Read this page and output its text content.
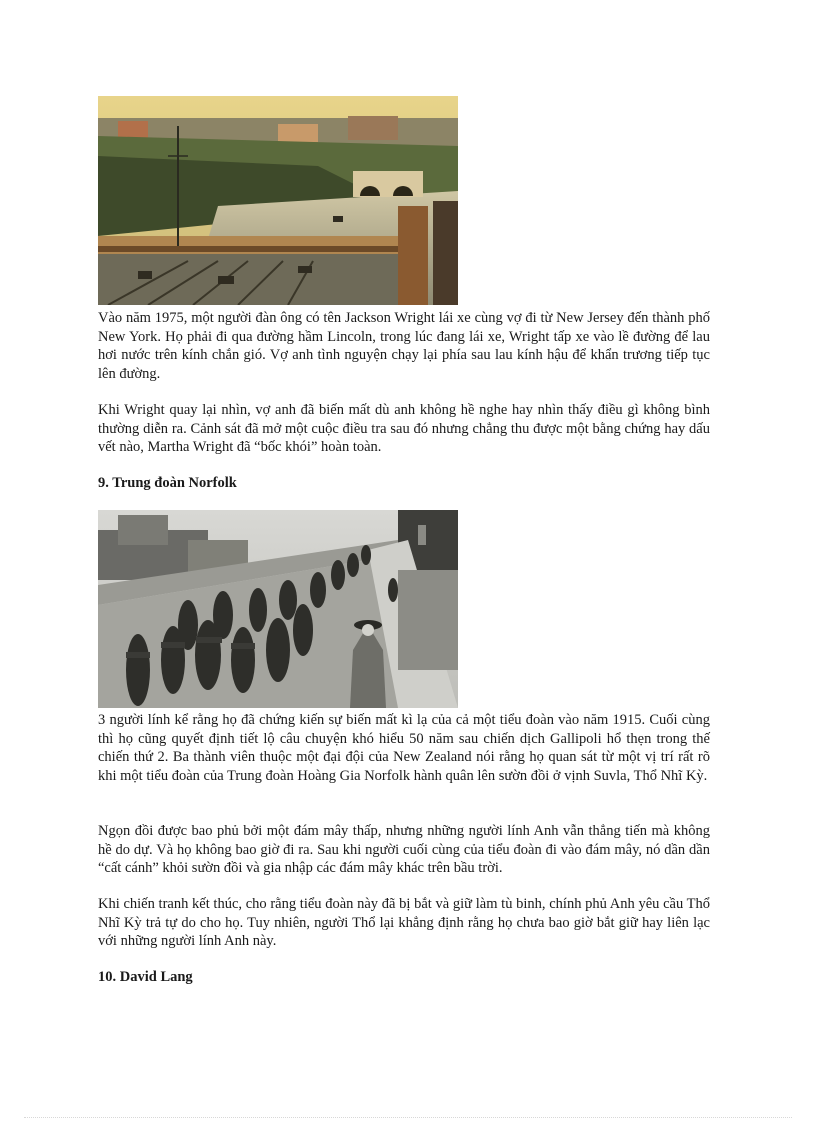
Vào năm 1975, một người đàn ông có tên Jackson Wright lái xe cùng vợ đi từ New Jersey đến thành phố New York. Họ phải đi qua đường hầm Lincoln, trong lúc đang lái xe, Wright tấp xe vào lề đường để lau hơi nước trên kính chắn gió. Vợ anh tình nguyện chạy lại phía sau lau kính hậu để khẩn trương tiếp tục lên đường.

Khi Wright quay lại nhìn, vợ anh đã biến mất dù anh không hề nghe hay nhìn thấy điều gì không bình thường diễn ra. Cảnh sát đã mở một cuộc điều tra sau đó nhưng chẳng thu được một bằng chứng hay dấu vết nào, Martha Wright đã “bốc khói” hoàn toàn.

9. Trung đoàn Norfolk

3 người lính kể rằng họ đã chứng kiến sự biến mất kì lạ của cả một tiểu đoàn vào năm 1915. Cuối cùng thì họ cũng quyết định tiết lộ câu chuyện khó hiểu 50 năm sau chiến dịch Gallipoli hổ thẹn trong thế chiến thứ 2. Ba thành viên thuộc một đại đội của New Zealand nói rằng họ quan sát từ một vị trí rất rõ khi một tiểu đoàn của Trung đoàn Hoàng Gia Norfolk hành quân lên sườn đồi ở vịnh Suvla, Thổ Nhĩ Kỳ.

Ngọn đồi được bao phủ bởi một đám mây thấp, nhưng những người lính Anh vẫn thẳng tiến mà không hề do dự. Và họ không bao giờ đi ra. Sau khi người cuối cùng của tiểu đoàn đi vào đám mây, nó dần dần “cất cánh” khỏi sườn đồi và gia nhập các đám mây khác trên bầu trời.

Khi chiến tranh kết thúc, cho rằng tiểu đoàn này đã bị bắt và giữ làm tù binh, chính phủ Anh yêu cầu Thổ Nhĩ Kỳ trả tự do cho họ. Tuy nhiên, người Thổ lại khẳng định rằng họ chưa bao giờ bắt giữ hay liên lạc với những người lính Anh này.

10. David Lang
